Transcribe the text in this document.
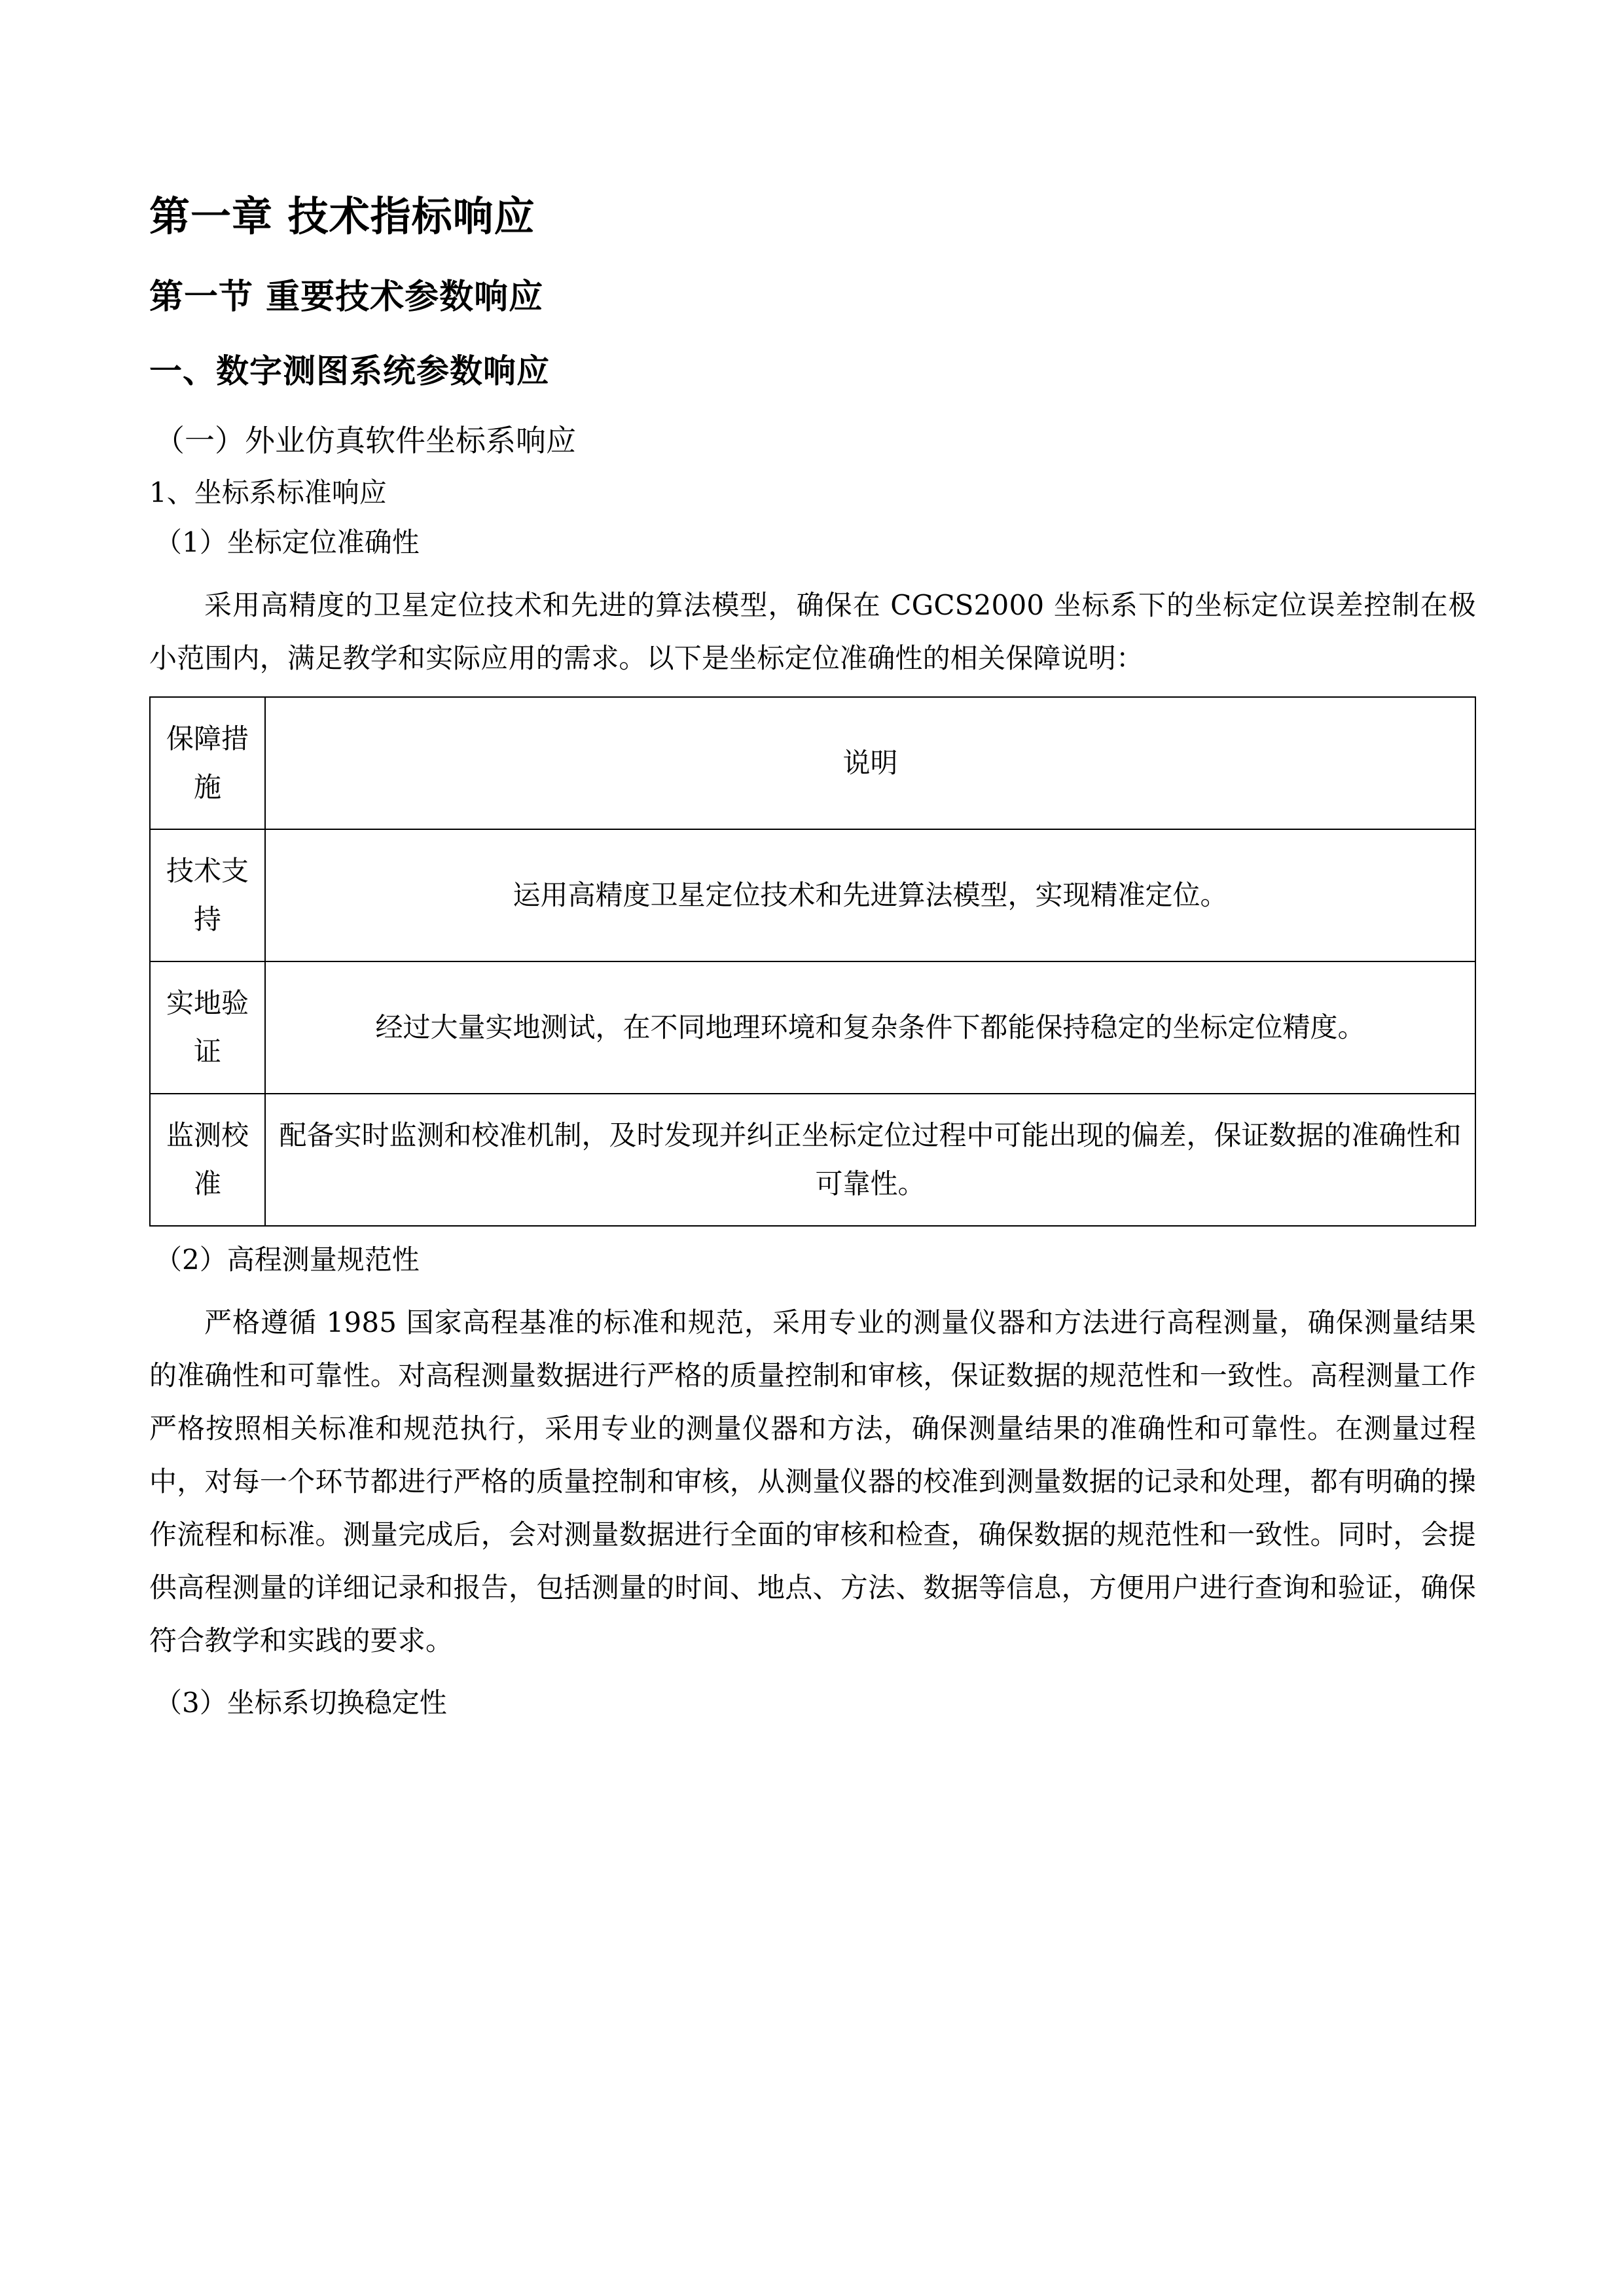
第一章 技术指标响应
第一节 重要技术参数响应
一、数字测图系统参数响应
（一）外业仿真软件坐标系响应
1、坐标系标准响应
（1）坐标定位准确性

采用高精度的卫星定位技术和先进的算法模型，确保在 CGCS2000 坐标系下的坐标定位误差控制在极小范围内，满足教学和实际应用的需求。以下是坐标定位准确性的相关保障说明：

保障措施	说明
技术支持	运用高精度卫星定位技术和先进算法模型，实现精准定位。
实地验证	经过大量实地测试，在不同地理环境和复杂条件下都能保持稳定的坐标定位精度。
监测校准	配备实时监测和校准机制，及时发现并纠正坐标定位过程中可能出现的偏差，保证数据的准确性和可靠性。
（2）高程测量规范性

严格遵循 1985 国家高程基准的标准和规范，采用专业的测量仪器和方法进行高程测量，确保测量结果的准确性和可靠性。对高程测量数据进行严格的质量控制和审核，保证数据的规范性和一致性。高程测量工作严格按照相关标准和规范执行，采用专业的测量仪器和方法，确保测量结果的准确性和可靠性。在测量过程中，对每一个环节都进行严格的质量控制和审核，从测量仪器的校准到测量数据的记录和处理，都有明确的操作流程和标准。测量完成后，会对测量数据进行全面的审核和检查，确保数据的规范性和一致性。同时，会提供高程测量的详细记录和报告，包括测量的时间、地点、方法、数据等信息，方便用户进行查询和验证，确保符合教学和实践的要求。

（3）坐标系切换稳定性
